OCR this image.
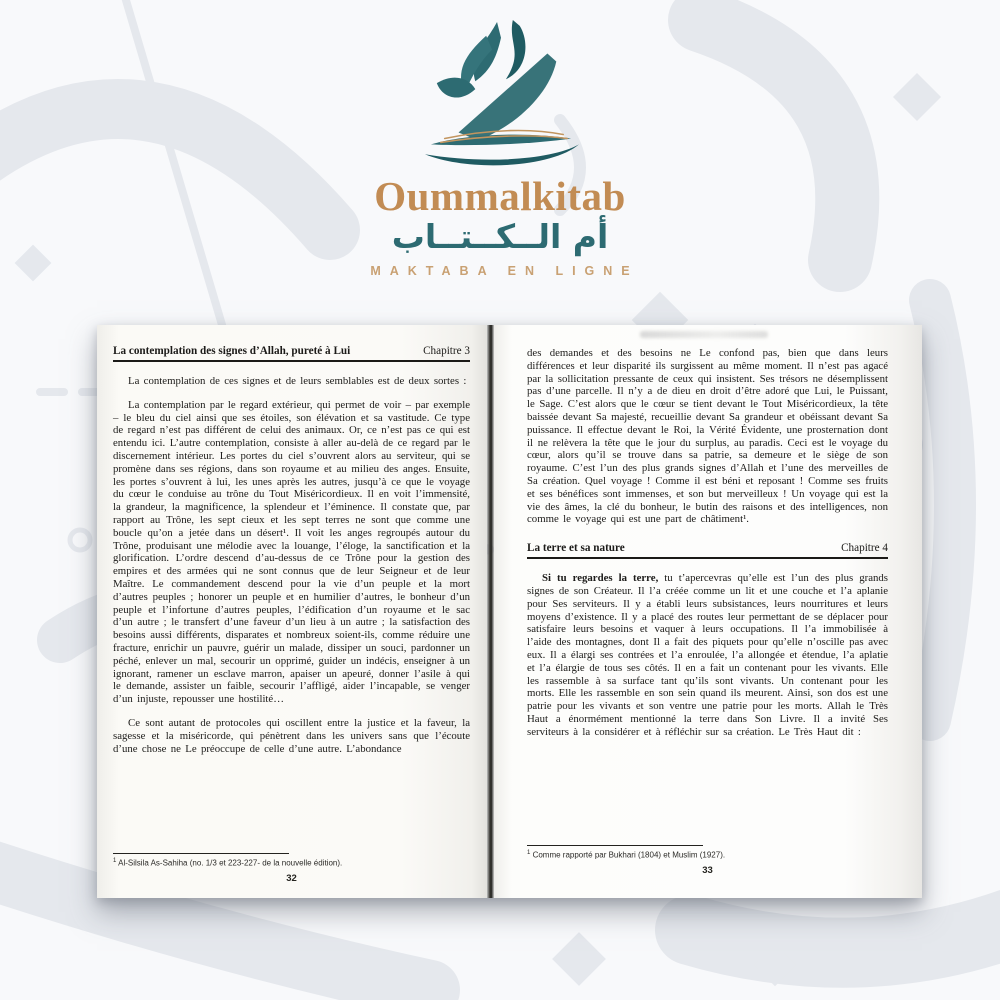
Oummalkitab
أم الــكــتــاب
MAKTABA EN LIGNE
La contemplation des signes d’Allah, pureté à Lui	Chapitre 3

La contemplation de ces signes et de leurs semblables est de deux sortes :

La contemplation par le regard extérieur, qui permet de voir – par exemple – le bleu du ciel ainsi que ses étoiles, son élévation et sa vastitude. Ce type de regard n’est pas différent de celui des animaux. Or, ce n’est pas ce qui est entendu ici. L’autre contemplation, consiste à aller au-delà de ce regard par le discernement intérieur. Les portes du ciel s’ouvrent alors au serviteur, qui se promène dans ses régions, dans son royaume et au milieu des anges. Ensuite, les portes s’ouvrent à lui, les unes après les autres, jusqu’à ce que le voyage du cœur le conduise au trône du Tout Miséricordieux. Il en voit l’immensité, la grandeur, la magnificence, la splendeur et l’éminence. Il constate que, par rapport au Trône, les sept cieux et les sept terres ne sont que comme une boucle qu’on a jetée dans un désert¹. Il voit les anges regroupés autour du Trône, produisant une mélodie avec la louange, l’éloge, la sanctification et la glorification. L’ordre descend d’au-dessus de ce Trône pour la gestion des empires et des armées qui ne sont connus que de leur Seigneur et de leur Maître. Le commandement descend pour la vie d’un peuple et la mort d’autres peuples ; honorer un peuple et en humilier d’autres, le bonheur d’un peuple et l’infortune d’autres peuples, l’édification d’un royaume et le sac d’un autre ; le transfert d’une faveur d’un lieu à un autre ; la satisfaction des besoins aussi différents, disparates et nombreux soient-ils, comme réduire une fracture, enrichir un pauvre, guérir un malade, dissiper un souci, pardonner un péché, enlever un mal, secourir un opprimé, guider un indécis, enseigner à un ignorant, ramener un esclave marron, apaiser un apeuré, donner l’asile à qui le demande, assister un faible, secourir l’affligé, aider l’incapable, se venger d’un injuste, repousser une hostilité…

Ce sont autant de protocoles qui oscillent entre la justice et la faveur, la sagesse et la miséricorde, qui pénètrent dans les univers sans que l’écoute d’une chose ne Le préoccupe de celle d’une autre. L’abondance

$^1$ Al-Silsila As-Sahiha (no. 1/3 et 223-227- de la nouvelle édition).
32

des demandes et des besoins ne Le confond pas, bien que dans leurs différences et leur disparité ils surgissent au même moment. Il n’est pas agacé par la sollicitation pressante de ceux qui insistent. Ses trésors ne désemplissent pas d’une parcelle. Il n’y a de dieu en droit d’être adoré que Lui, le Puissant, le Sage. C’est alors que le cœur se tient devant le Tout Miséricordieux, la tête baissée devant Sa majesté, recueillie devant Sa grandeur et obéissant devant Sa puissance. Il effectue devant le Roi, la Vérité Évidente, une prosternation dont il ne relèvera la tête que le jour du surplus, au paradis. Ceci est le voyage du cœur, alors qu’il se trouve dans sa patrie, sa demeure et le siège de son royaume. C’est l’un des plus grands signes d’Allah et l’une des merveilles de Sa création. Quel voyage ! Comme il est béni et reposant ! Comme ses fruits et ses bénéfices sont immenses, et son but merveilleux ! Un voyage qui est la vie des âmes, la clé du bonheur, le butin des raisons et des intelligences, non comme le voyage qui est une part de châtiment¹.

La terre et sa nature	Chapitre 4

Si tu regardes la terre, tu t’apercevras qu’elle est l’un des plus grands signes de son Créateur. Il l’a créée comme un lit et une couche et l’a aplanie pour Ses serviteurs. Il y a établi leurs subsistances, leurs nourritures et leurs moyens d’existence. Il y a placé des routes leur permettant de se déplacer pour satisfaire leurs besoins et vaquer à leurs occupations. Il l’a immobilisée à l’aide des montagnes, dont Il a fait des piquets pour qu’elle n’oscille pas avec eux. Il a élargi ses contrées et l’a enroulée, l’a allongée et étendue, l’a aplatie et l’a élargie de tous ses côtés. Il en a fait un contenant pour les vivants. Elle les rassemble à sa surface tant qu’ils sont vivants. Un contenant pour les morts. Elle les rassemble en son sein quand ils meurent. Ainsi, son dos est une patrie pour les vivants et son ventre une patrie pour les morts. Allah le Très Haut a énormément mentionné la terre dans Son Livre. Il a invité Ses serviteurs à la considérer et à réfléchir sur sa création. Le Très Haut dit :

$^1$ Comme rapporté par Bukhari (1804) et Muslim (1927).
33
